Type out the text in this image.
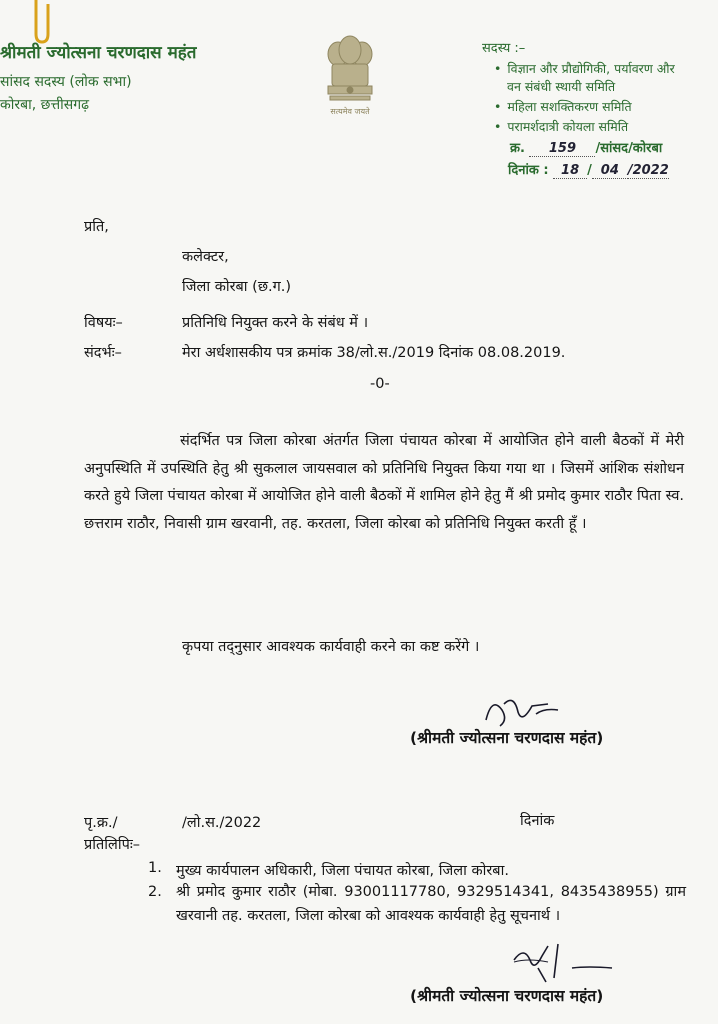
श्रीमती ज्योत्सना चरणदास महंत
सांसद सदस्य (लोक सभा)
कोरबा, छत्तीसगढ़	सत्यमेव जयते
सदस्य :–
• विज्ञान और प्रौद्योगिकी, पर्यावरण और
वन संबंधी स्थायी समिति
• महिला सशक्तिकरण समिति
• परामर्शदात्री कोयला समिति
क्र. 159 /सांसद/कोरबा
दिनांक : 18 / 04 /2022
प्रति,
कलेक्टर,
जिला कोरबा (छ.ग.)
विषयः–	प्रतिनिधि नियुक्त करने के संबंध में ।
संदर्भः–	मेरा अर्धशासकीय पत्र क्रमांक 38/लो.स./2019 दिनांक 08.08.2019.
-0-
संदर्भित पत्र जिला कोरबा अंतर्गत जिला पंचायत कोरबा में आयोजित होने वाली बैठकों में मेरी अनुपस्थिति में उपस्थिति हेतु श्री सुकलाल जायसवाल को प्रतिनिधि नियुक्त किया गया था । जिसमें आंशिक संशोधन करते हुये जिला पंचायत कोरबा में आयोजित होने वाली बैठकों में शामिल होने हेतु मैं श्री प्रमोद कुमार राठौर पिता स्व. छत्तराम राठौर, निवासी ग्राम खरवानी, तह. करतला, जिला कोरबा को प्रतिनिधि नियुक्त करती हूँ ।
कृपया तद्नुसार आवश्यक कार्यवाही करने का कष्ट करेंगे ।
(श्रीमती ज्योत्सना चरणदास महंत)
पृ.क्र./	/लो.स./2022	दिनांक
प्रतिलिपिः–
1. मुख्य कार्यपालन अधिकारी, जिला पंचायत कोरबा, जिला कोरबा.
2. श्री प्रमोद कुमार राठौर (मोबा. 93001117780, 9329514341, 8435438955) ग्राम खरवानी तह. करतला, जिला कोरबा को आवश्यक कार्यवाही हेतु सूचनार्थ ।
(श्रीमती ज्योत्सना चरणदास महंत)
